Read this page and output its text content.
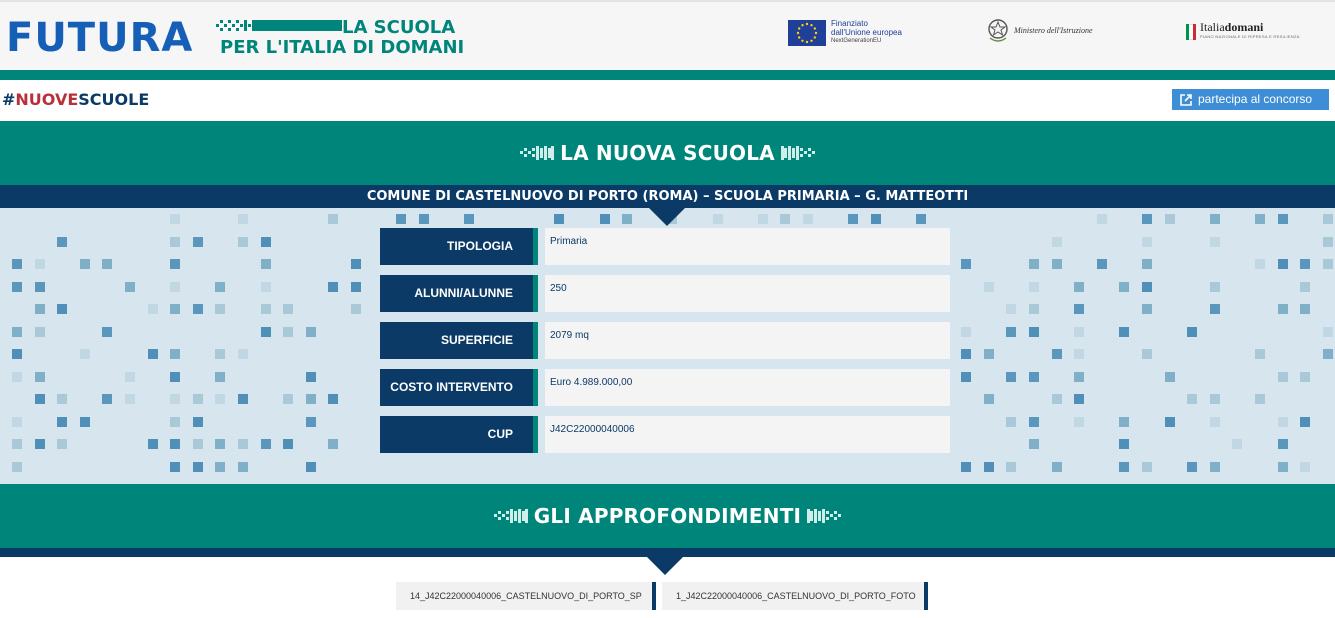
FUTURA	LA SCUOLA
PER L'ITALIA DI DOMANI
Finanziato
dall'Unione europea
NextGenerationEU
Ministero dell'Istruzione	Italiadomani
PIANO NAZIONALE DI RIPRESA E RESILIENZA
#NUOVESCUOLE	partecipa al concorso
LA NUOVA SCUOLA
COMUNE DI CASTELNUOVO DI PORTO (ROMA) – SCUOLA PRIMARIA – G. MATTEOTTI
TIPOLOGIA	Primaria
ALUNNI/ALUNNE	250
SUPERFICIE	2079 mq
COSTO INTERVENTO	Euro 4.989.000,00
CUP	J42C22000040006
GLI APPROFONDIMENTI
14_J42C22000040006_CASTELNUOVO_DI_PORTO_SP	1_J42C22000040006_CASTELNUOVO_DI_PORTO_FOTO
